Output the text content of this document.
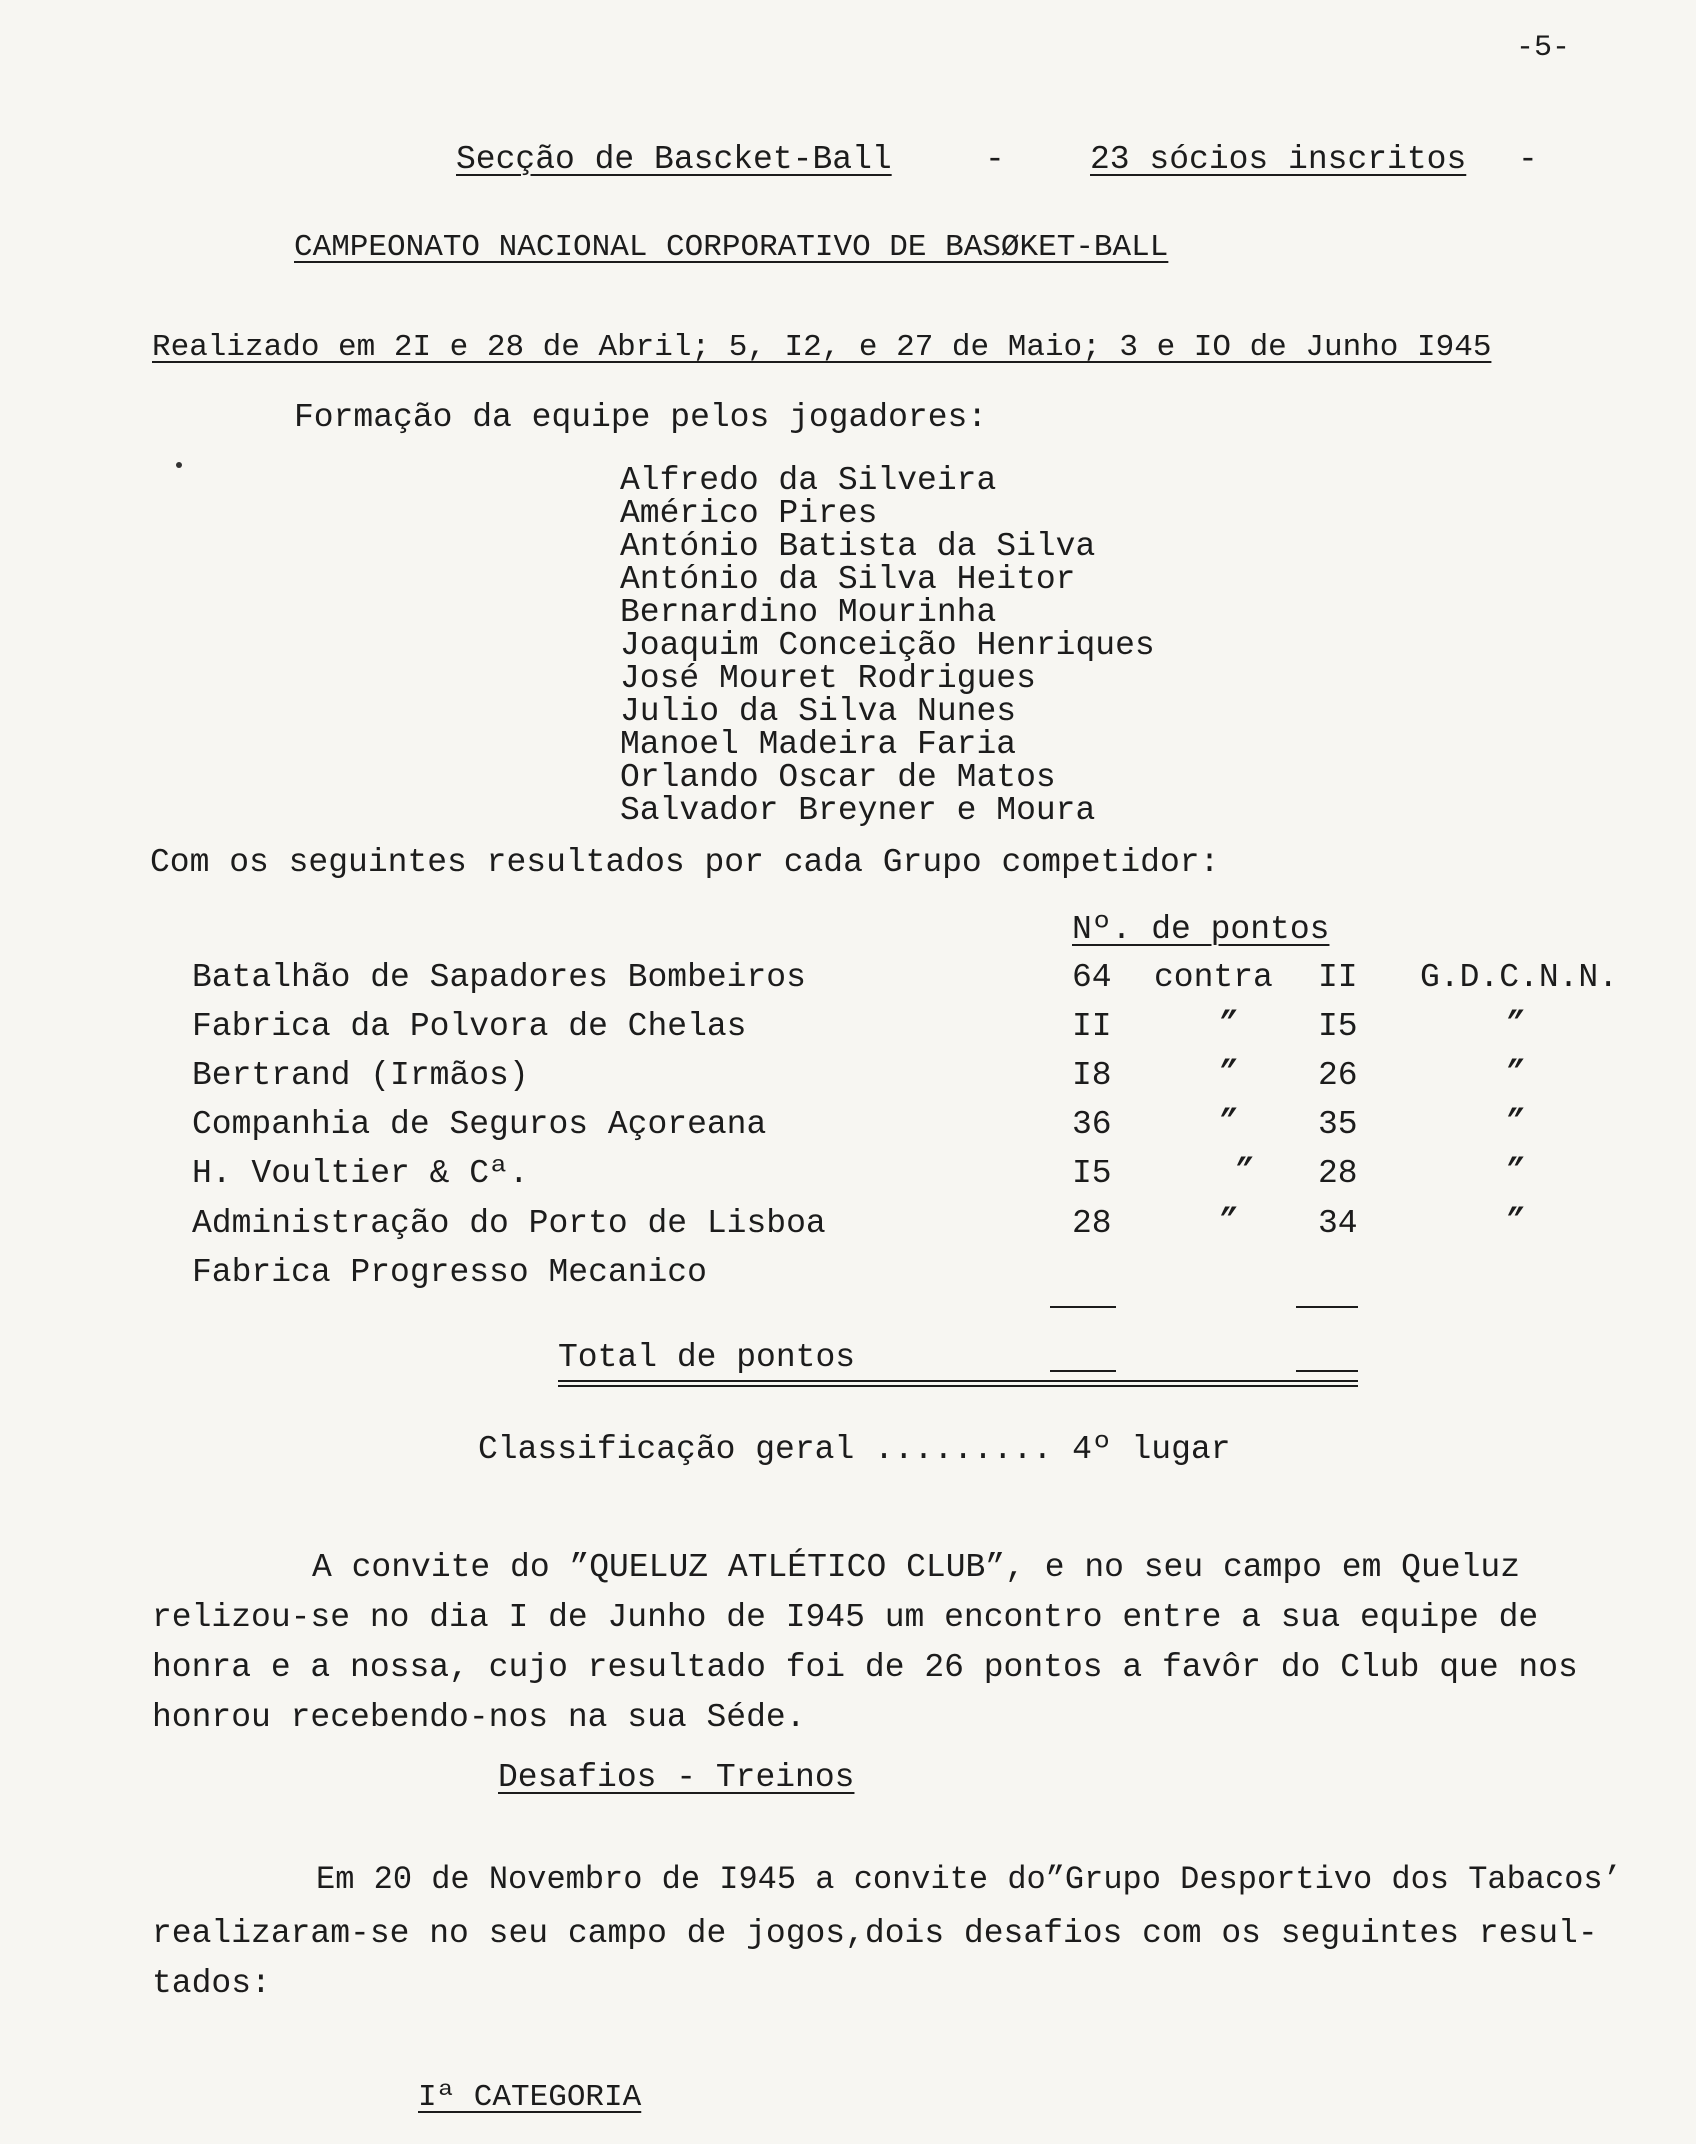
-5-
Secção de Bascket-Ball	-	23 sócios inscritos -
CAMPEONATO NACIONAL CORPORATIVO DE BASØKET-BALL
Realizado em 2I e 28 de Abril; 5, I2, e 27 de Maio; 3 e IO de Junho I945
Formação da equipe pelos jogadores:
Alfredo da Silveira
Américo Pires
António Batista da Silva
António da Silva Heitor
Bernardino Mourinha
Joaquim Conceição Henriques
José Mouret Rodrigues
Julio da Silva Nunes
Manoel Madeira Faria
Orlando Oscar de Matos
Salvador Breyner e Moura
Com os seguintes resultados por cada Grupo competidor:
Nº. de pontos
Batalhão de Sapadores Bombeiros	64 contra II G.D.C.N.N.
Fabrica da Polvora de Chelas	II	” I5	”
Bertrand (Irmãos)	I8	” 26	”
Companhia de Seguros Açoreana	36	” 35	”
H. Voultier & Cª.	I5	” 28	”
Administração do Porto de Lisboa	28	” 34	”
Fabrica Progresso Mecanico
Total de pontos
Classificação geral ......... 4º lugar
A convite do ”QUELUZ ATLÉTICO CLUB”, e no seu campo em Queluz
relizou-se no dia I de Junho de I945 um encontro entre a sua equipe de
honra e a nossa, cujo resultado foi de 26 pontos a favôr do Club que nos
honrou recebendo-nos na sua Séde.
Desafios - Treinos
Em 20 de Novembro de I945 a convite do”Grupo Desportivo dos Tabacos’
realizaram-se no seu campo de jogos,dois desafios com os seguintes resul-
tados:
Iª CATEGORIA
